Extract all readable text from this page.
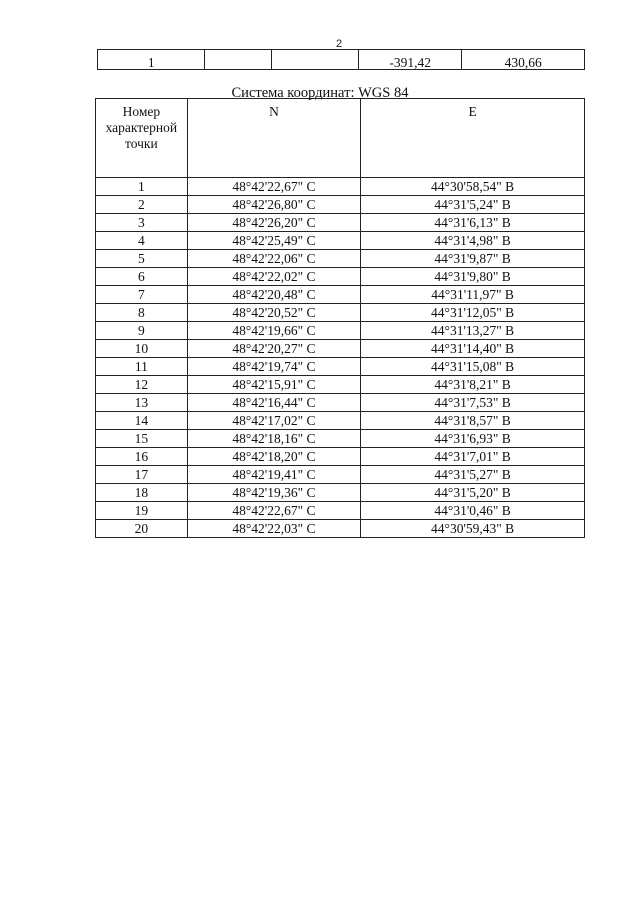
2
1			-391,42	430,66
Система координат: WGS 84
Номер характерной точки	N	E
1	48°42'22,67" С	44°30'58,54" В
2	48°42'26,80" С	44°31'5,24" В
3	48°42'26,20" С	44°31'6,13" В
4	48°42'25,49" С	44°31'4,98" В
5	48°42'22,06" С	44°31'9,87" В
6	48°42'22,02" С	44°31'9,80" В
7	48°42'20,48" С	44°31'11,97" В
8	48°42'20,52" С	44°31'12,05" В
9	48°42'19,66" С	44°31'13,27" В
10	48°42'20,27" С	44°31'14,40" В
11	48°42'19,74" С	44°31'15,08" В
12	48°42'15,91" С	44°31'8,21" В
13	48°42'16,44" С	44°31'7,53" В
14	48°42'17,02" С	44°31'8,57" В
15	48°42'18,16" С	44°31'6,93" В
16	48°42'18,20" С	44°31'7,01" В
17	48°42'19,41" С	44°31'5,27" В
18	48°42'19,36" С	44°31'5,20" В
19	48°42'22,67" С	44°31'0,46" В
20	48°42'22,03" С	44°30'59,43" В
